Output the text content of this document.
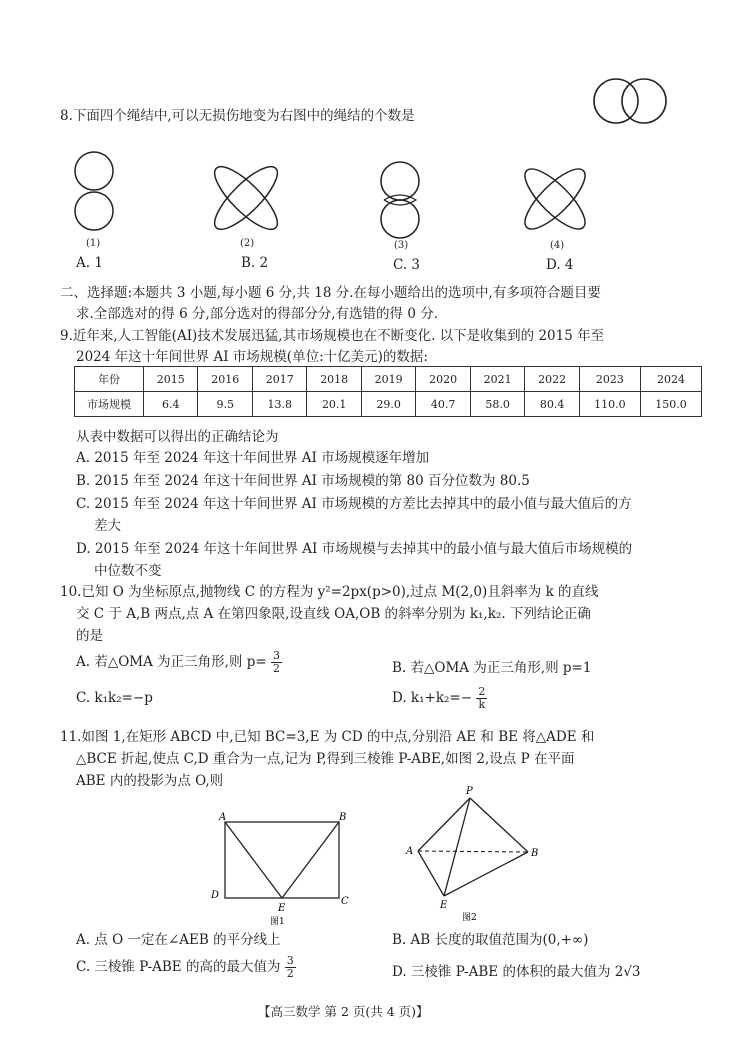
8.下面四个绳结中,可以无损伤地变为右图中的绳结的个数是
(1)	(2)	(3)	(4)
A. 1	B. 2	C. 3	D. 4
二、选择题:本题共 3 小题,每小题 6 分,共 18 分.在每小题给出的选项中,有多项符合题目要
求.全部选对的得 6 分,部分选对的得部分分,有选错的得 0 分.
9.近年来,人工智能(AI)技术发展迅猛,其市场规模也在不断变化. 以下是收集到的 2015 年至
2024 年这十年间世界 AI 市场规模(单位:十亿美元)的数据:
年份	2015	2016	2017	2018	2019	2020	2021	2022	2023	2024
市场规模	6.4	9.5	13.8	20.1	29.0	40.7	58.0	80.4	110.0	150.0
从表中数据可以得出的正确结论为
A. 2015 年至 2024 年这十年间世界 AI 市场规模逐年增加
B. 2015 年至 2024 年这十年间世界 AI 市场规模的第 80 百分位数为 80.5
C. 2015 年至 2024 年这十年间世界 AI 市场规模的方差比去掉其中的最小值与最大值后的方
差大
D. 2015 年至 2024 年这十年间世界 AI 市场规模与去掉其中的最小值与最大值后市场规模的
中位数不变
10.已知 O 为坐标原点,抛物线 C 的方程为 y²=2px(p>0),过点 M(2,0)且斜率为 k 的直线
交 C 于 A,B 两点,点 A 在第四象限,设直线 OA,OB 的斜率分别为 k₁,k₂. 下列结论正确
的是
A. 若△OMA 为正三角形,则 $p= \frac{3}{2}$	B. 若△OMA 为正三角形,则 p=1
C. k₁k₂=−p	D. $k_1+k_2=- \frac{2}{k}$
11.如图 1,在矩形 ABCD 中,已知 BC=3,E 为 CD 的中点,分别沿 AE 和 BE 将△ADE 和
△BCE 折起,使点 C,D 重合为一点,记为 P,得到三棱锥 P-ABE,如图 2,设点 P 在平面
ABE 内的投影为点 O,则
A	B
C
D
E
图1
P
A	B
E
图2
A. 点 O 一定在∠AEB 的平分线上	B. AB 长度的取值范围为(0,+∞)
C. 三棱锥 P-ABE 的高的最大值为 $\frac{3}{2}$	D. 三棱锥 P-ABE 的体积的最大值为 2√3
【高三数学 第 2 页(共 4 页)】
